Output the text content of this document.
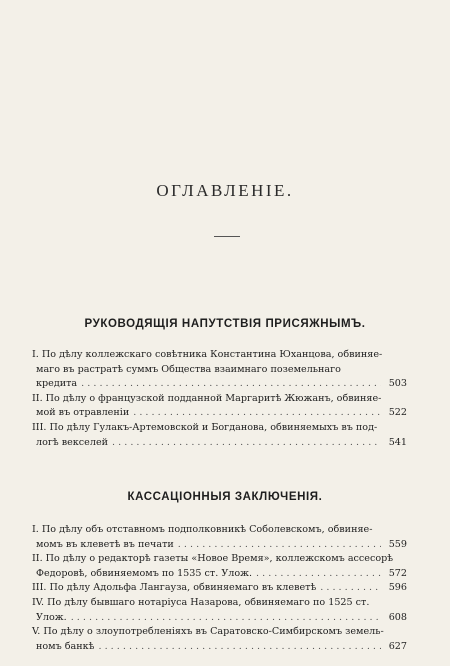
ОГЛАВЛЕНІЕ.
РУКОВОДЯЩІЯ НАПУТСТВІЯ ПРИСЯЖНЫМЪ.
I. По дѣлу коллежскаго совѣтника Константина Юханцова, обвиняе-
маго въ растратѣ суммъ Общества взаимнаго поземельнаго
кредита . . .	503
II. По дѣлу о французской подданной Маргаритѣ Жюжанъ, обвиняе-
мой въ отравленіи . . .	522
III. По дѣлу Гулакъ-Артемовской и Богданова, обвиняемыхъ въ под-
логѣ векселей . . .	541
КАССАЦІОННЫЯ ЗАКЛЮЧЕНІЯ.
I. По дѣлу объ отставномъ подполковникѣ Соболевскомъ, обвиняе-
момъ въ клеветѣ въ печати . . .	559
II. По дѣлу о редакторѣ газеты «Новое Время», коллежскомъ ассесорѣ
Федоровѣ, обвиняемомъ по 1535 ст. Улож. . . .	572
III. По дѣлу Адольфа Лангауза, обвиняемаго въ клеветѣ . . .	596
IV. По дѣлу бывшаго нотаріуса Назарова, обвиняемаго по 1525 ст.
Улож. . . .	608
V. По дѣлу о злоупотребленіяхъ въ Саратовско-Симбирскомъ земель-
номъ банкѣ . . .	627
